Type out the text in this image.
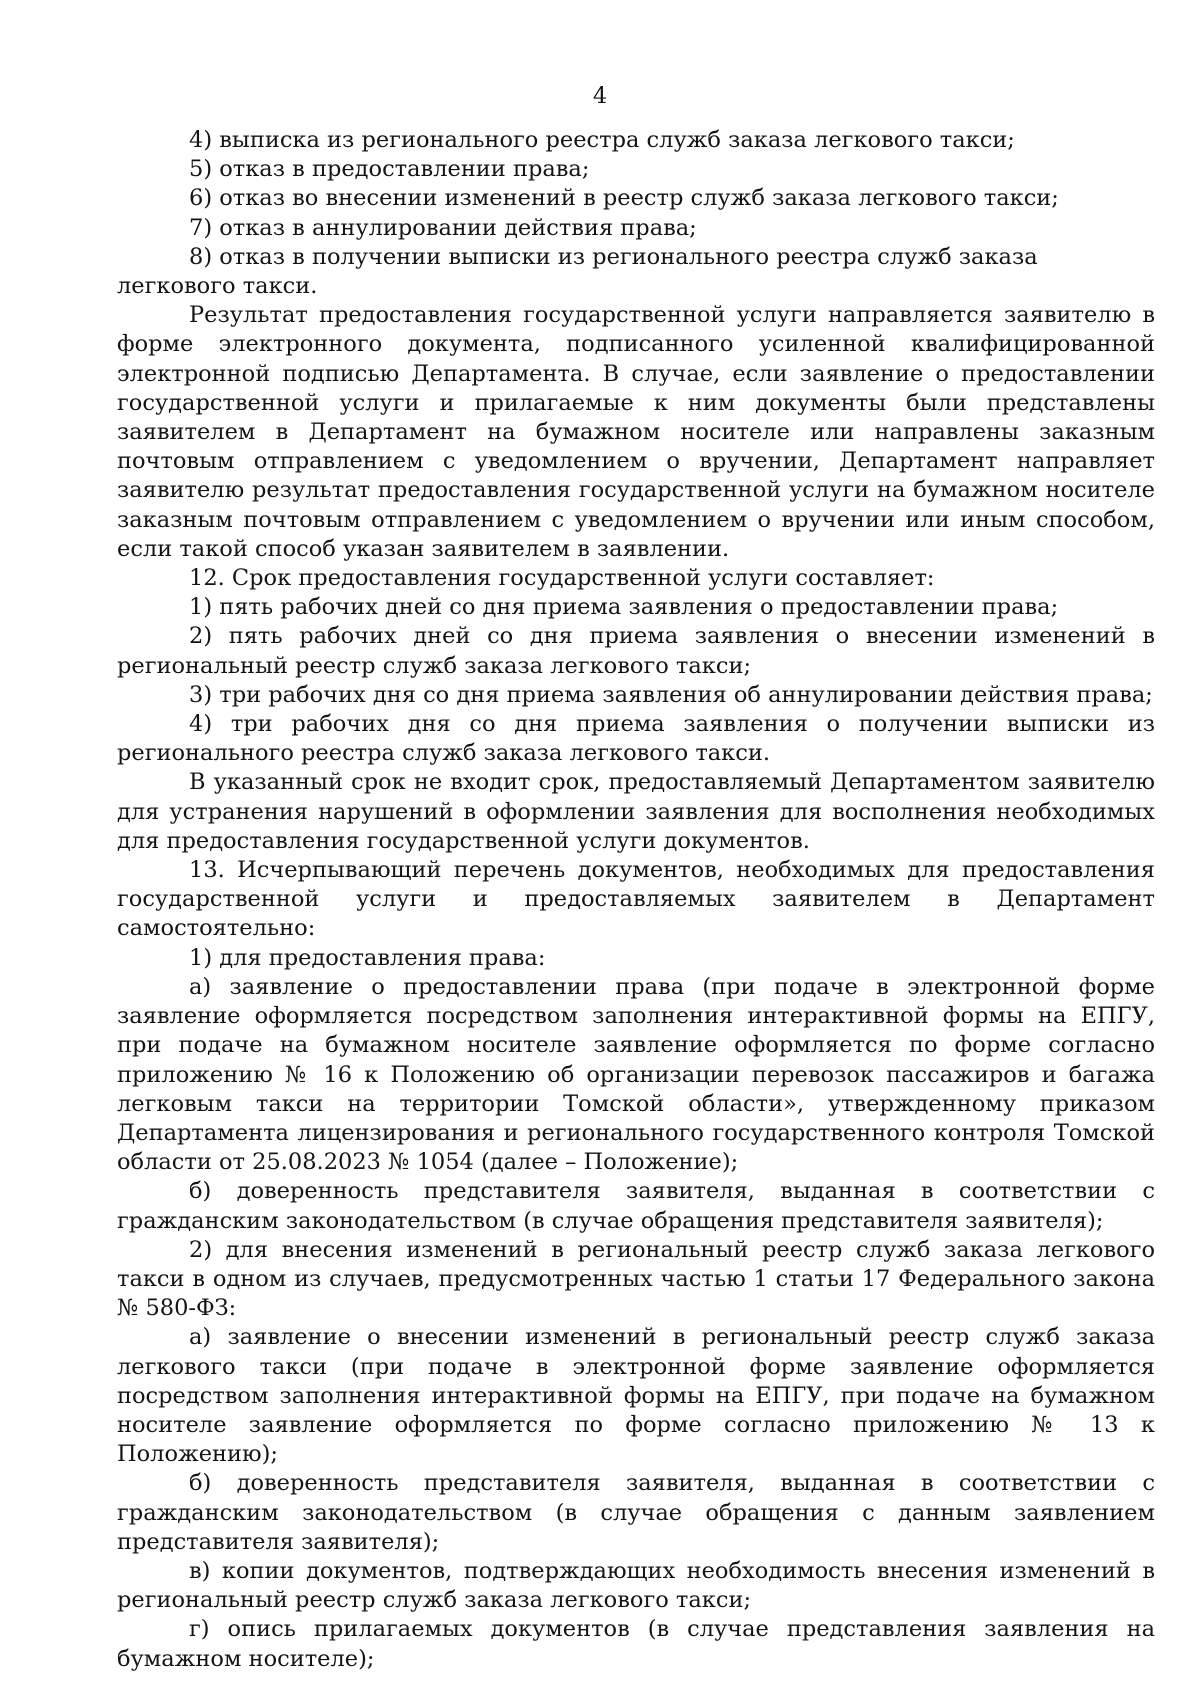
4

4) выписка из регионального реестра служб заказа легкового такси;

5) отказ в предоставлении права;

6) отказ во внесении изменений в реестр служб заказа легкового такси;

7) отказ в аннулировании действия права;

8) отказ в получении выписки из регионального реестра служб заказа легкового такси.

Результат предоставления государственной услуги направляется заявителю в форме электронного документа, подписанного усиленной квалифицированной электронной подписью Департамента. В случае, если заявление о предоставлении государственной услуги и прилагаемые к ним документы были представлены заявителем в Департамент на бумажном носителе или направлены заказным почтовым отправлением с уведомлением о вручении, Департамент направляет заявителю результат предоставления государственной услуги на бумажном носителе заказным почтовым отправлением с уведомлением о вручении или иным способом, если такой способ указан заявителем в заявлении.

12. Срок предоставления государственной услуги составляет:

1) пять рабочих дней со дня приема заявления о предоставлении права;

2) пять рабочих дней со дня приема заявления о внесении изменений в региональный реестр служб заказа легкового такси;

3) три рабочих дня со дня приема заявления об аннулировании действия права;

4) три рабочих дня со дня приема заявления о получении выписки из регионального реестра служб заказа легкового такси.

В указанный срок не входит срок, предоставляемый Департаментом заявителю для устранения нарушений в оформлении заявления для восполнения необходимых для предоставления государственной услуги документов.

13. Исчерпывающий перечень документов, необходимых для предоставления государственной услуги и предоставляемых заявителем в Департамент самостоятельно:

1) для предоставления права:

а) заявление о предоставлении права (при подаче в электронной форме заявление оформляется посредством заполнения интерактивной формы на ЕПГУ, при подаче на бумажном носителе заявление оформляется по форме согласно приложению № 16 к Положению об организации перевозок пассажиров и багажа легковым такси на территории Томской области», утвержденному приказом Департамента лицензирования и регионального государственного контроля Томской области от 25.08.2023 № 1054 (далее – Положение);

б) доверенность представителя заявителя, выданная в соответствии с гражданским законодательством (в случае обращения представителя заявителя);

2) для внесения изменений в региональный реестр служб заказа легкового такси в одном из случаев, предусмотренных частью 1 статьи 17 Федерального закона № 580-ФЗ:

а) заявление о внесении изменений в региональный реестр служб заказа легкового такси (при подаче в электронной форме заявление оформляется посредством заполнения интерактивной формы на ЕПГУ, при подаче на бумажном носителе заявление оформляется по форме согласно приложению № 13 к Положению);

б) доверенность представителя заявителя, выданная в соответствии с гражданским законодательством (в случае обращения с данным заявлением представителя заявителя);

в) копии документов, подтверждающих необходимость внесения изменений в региональный реестр служб заказа легкового такси;

г) опись прилагаемых документов (в случае представления заявления на бумажном носителе);
